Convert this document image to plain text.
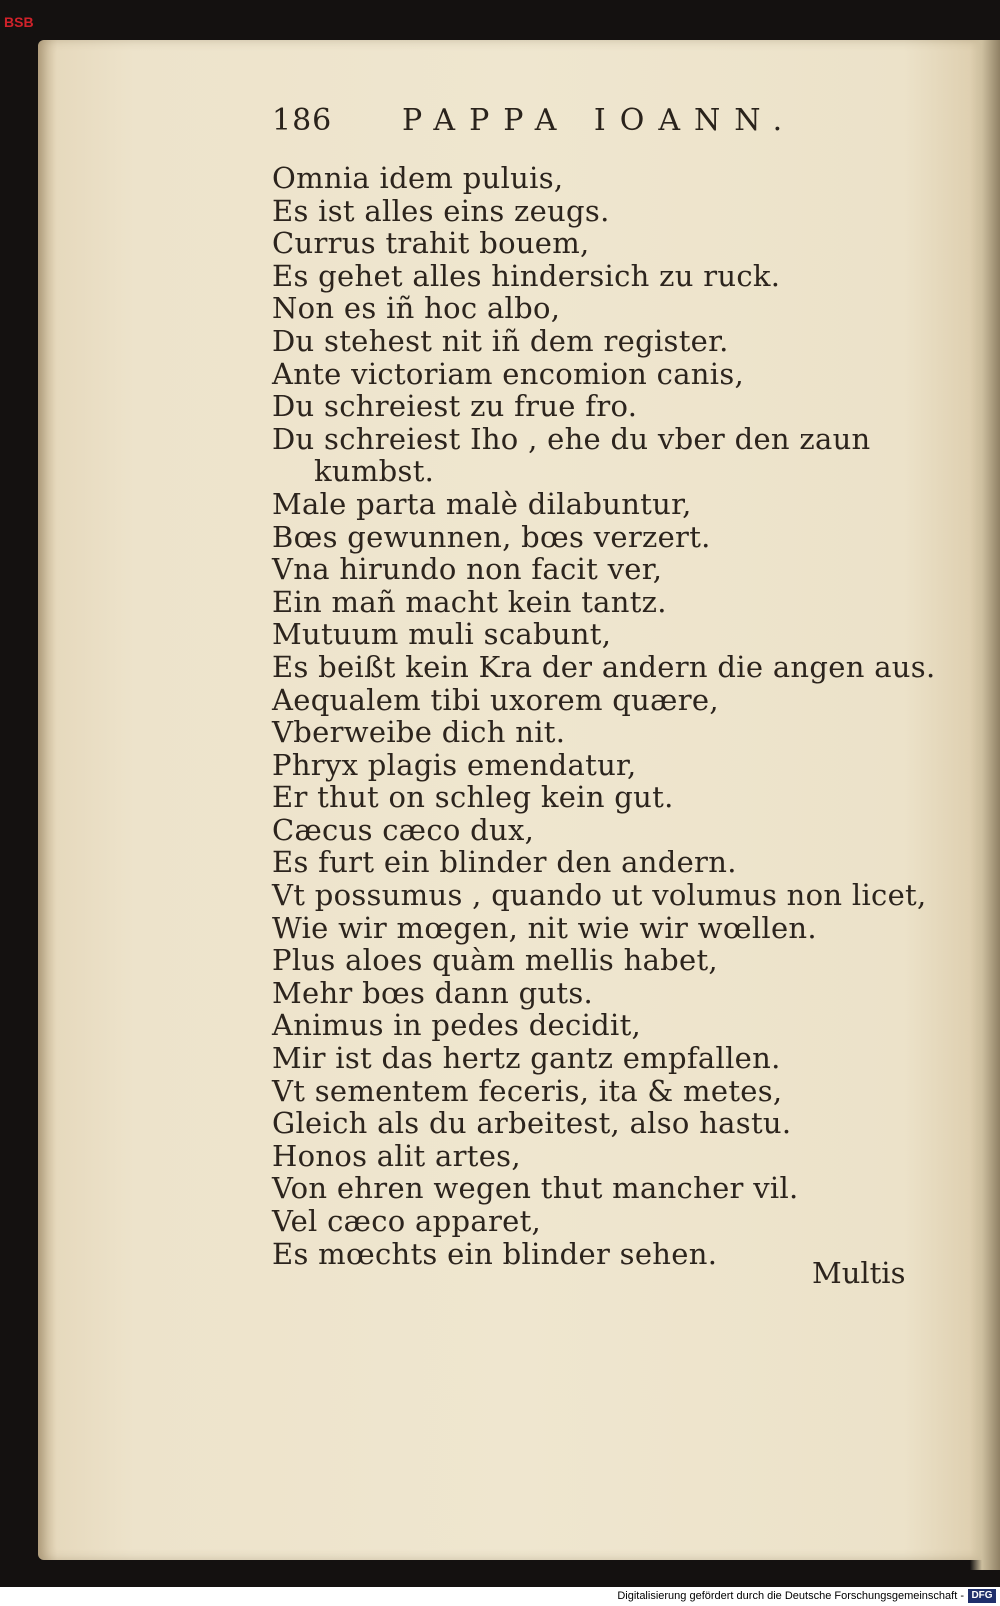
BSB
186 PAPPA IOANN.
Omnia idem puluis,
Es ist alles eins zeugs.
Currus trahit bouem,
Es gehet alles hindersich zu ruck.
Non es iñ hoc albo,
Du stehest nit iñ dem register.
Ante victoriam encomion canis,
Du schreiest zu frue fro.
Du schreiest Iho , ehe du vber den zaun
kumbst.
Male parta malè dilabuntur,
Bœs gewunnen, bœs verzert.
Vna hirundo non facit ver,
Ein mañ macht kein tantz.
Mutuum muli scabunt,
Es beißt kein Kra der andern die angen aus.
Aequalem tibi uxorem quære,
Vberweibe dich nit.
Phryx plagis emendatur,
Er thut on schleg kein gut.
Cæcus cæco dux,
Es furt ein blinder den andern.
Vt possumus , quando ut volumus non licet,
Wie wir mœgen, nit wie wir wœllen.
Plus aloes quàm mellis habet,
Mehr bœs dann guts.
Animus in pedes decidit,
Mir ist das hertz gantz empfallen.
Vt sementem feceris, ita & metes,
Gleich als du arbeitest, also hastu.
Honos alit artes,
Von ehren wegen thut mancher vil.
Vel cæco apparet,
Es mœchts ein blinder sehen.
Multis
Digitalisierung gefördert durch die Deutsche Forschungsgemeinschaft - DFG
